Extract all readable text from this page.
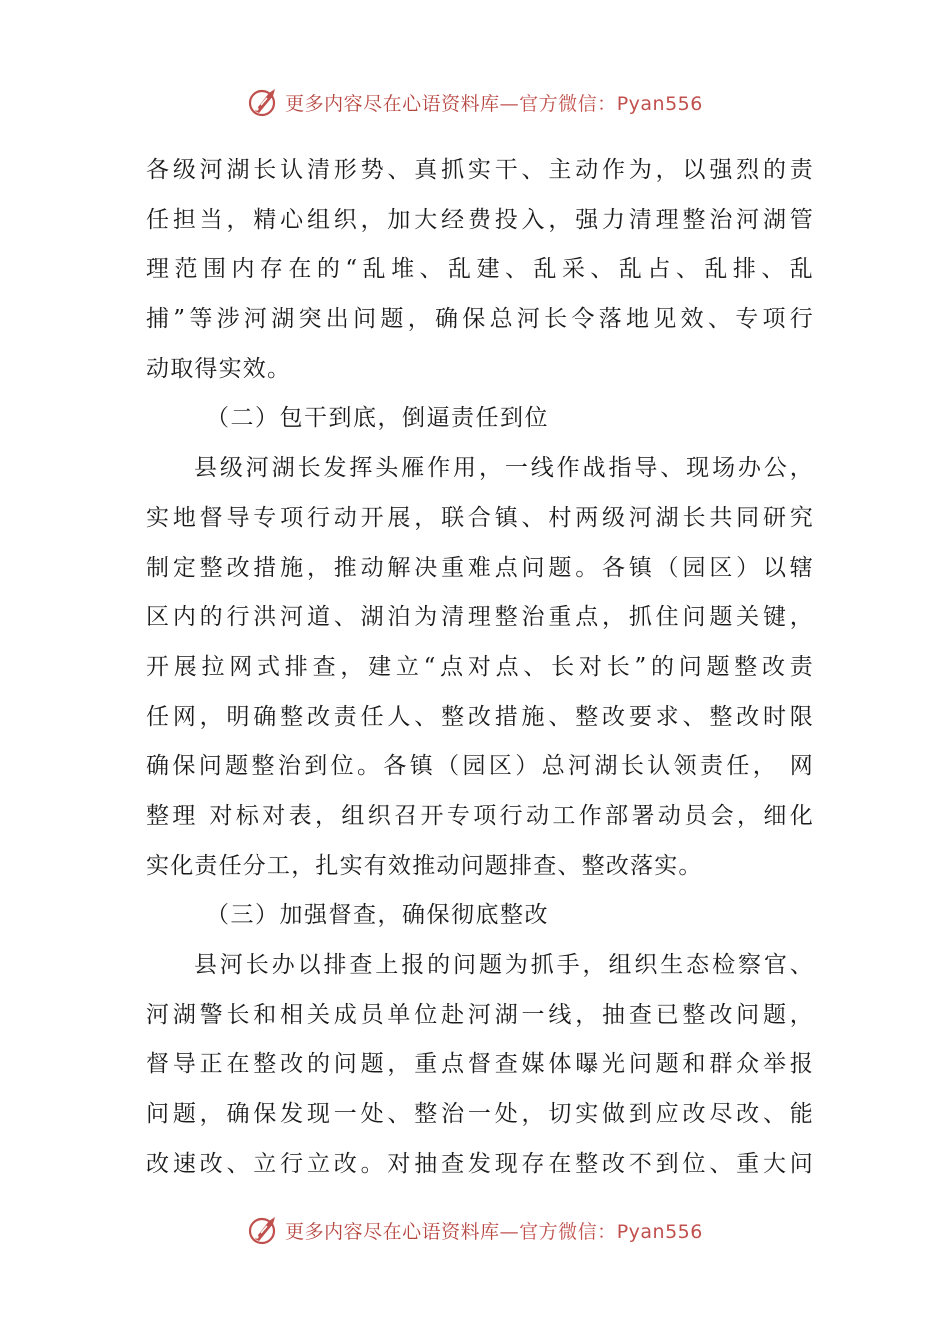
更多内容尽在心语资料库—官方微信：Pyan556
各级河湖长认清形势、真抓实干、主动作为，以强烈的责
任担当，精心组织，加大经费投入，强力清理整治河湖管
理范围内存在的“乱堆、乱建、乱采、乱占、乱排、乱
捕”等涉河湖突出问题，确保总河长令落地见效、专项行
动取得实效。
（二）包干到底，倒逼责任到位
县级河湖长发挥头雁作用，一线作战指导、现场办公，
实地督导专项行动开展，联合镇、村两级河湖长共同研究
制定整改措施，推动解决重难点问题。各镇（园区）以辖
区内的行洪河道、湖泊为清理整治重点，抓住问题关键，
开展拉网式排查，建立“点对点、长对长”的问题整改责
任网，明确整改责任人、整改措施、整改要求、整改时限
确保问题整治到位。各镇（园区）总河湖长认领责任， 网
整理 对标对表，组织召开专项行动工作部署动员会，细化
实化责任分工，扎实有效推动问题排查、整改落实。
（三）加强督查，确保彻底整改
县河长办以排查上报的问题为抓手，组织生态检察官、
河湖警长和相关成员单位赴河湖一线，抽查已整改问题，
督导正在整改的问题，重点督查媒体曝光问题和群众举报
问题，确保发现一处、整治一处，切实做到应改尽改、能
改速改、立行立改。对抽查发现存在整改不到位、重大问
更多内容尽在心语资料库—官方微信：Pyan556
